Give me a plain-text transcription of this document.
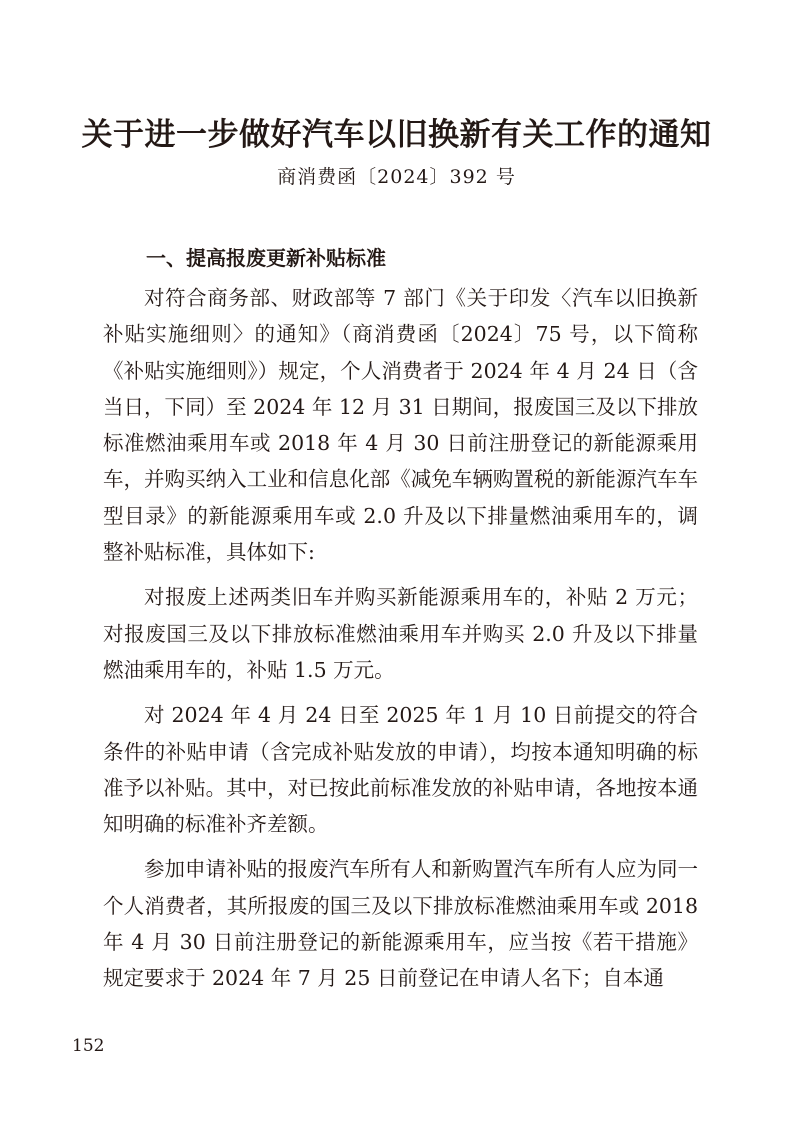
关于进一步做好汽车以旧换新有关工作的通知
商消费函〔2024〕392 号
一、提高报废更新补贴标准

对符合商务部、财政部等 7 部门《关于印发〈汽车以旧换新补贴实施细则〉的通知》（商消费函〔2024〕75 号，以下简称《补贴实施细则》）规定，个人消费者于 2024 年 4 月 24 日（含当日，下同）至 2024 年 12 月 31 日期间，报废国三及以下排放标准燃油乘用车或 2018 年 4 月 30 日前注册登记的新能源乘用车，并购买纳入工业和信息化部《减免车辆购置税的新能源汽车车型目录》的新能源乘用车或 2.0 升及以下排量燃油乘用车的，调整补贴标准，具体如下:

对报废上述两类旧车并购买新能源乘用车的，补贴 2 万元；对报废国三及以下排放标准燃油乘用车并购买 2.0 升及以下排量燃油乘用车的，补贴 1.5 万元。

对 2024 年 4 月 24 日至 2025 年 1 月 10 日前提交的符合条件的补贴申请（含完成补贴发放的申请），均按本通知明确的标准予以补贴。其中，对已按此前标准发放的补贴申请，各地按本通知明确的标准补齐差额。

参加申请补贴的报废汽车所有人和新购置汽车所有人应为同一个人消费者，其所报废的国三及以下排放标准燃油乘用车或 2018 年 4 月 30 日前注册登记的新能源乘用车，应当按《若干措施》规定要求于 2024 年 7 月 25 日前登记在申请人名下；自本通

152
